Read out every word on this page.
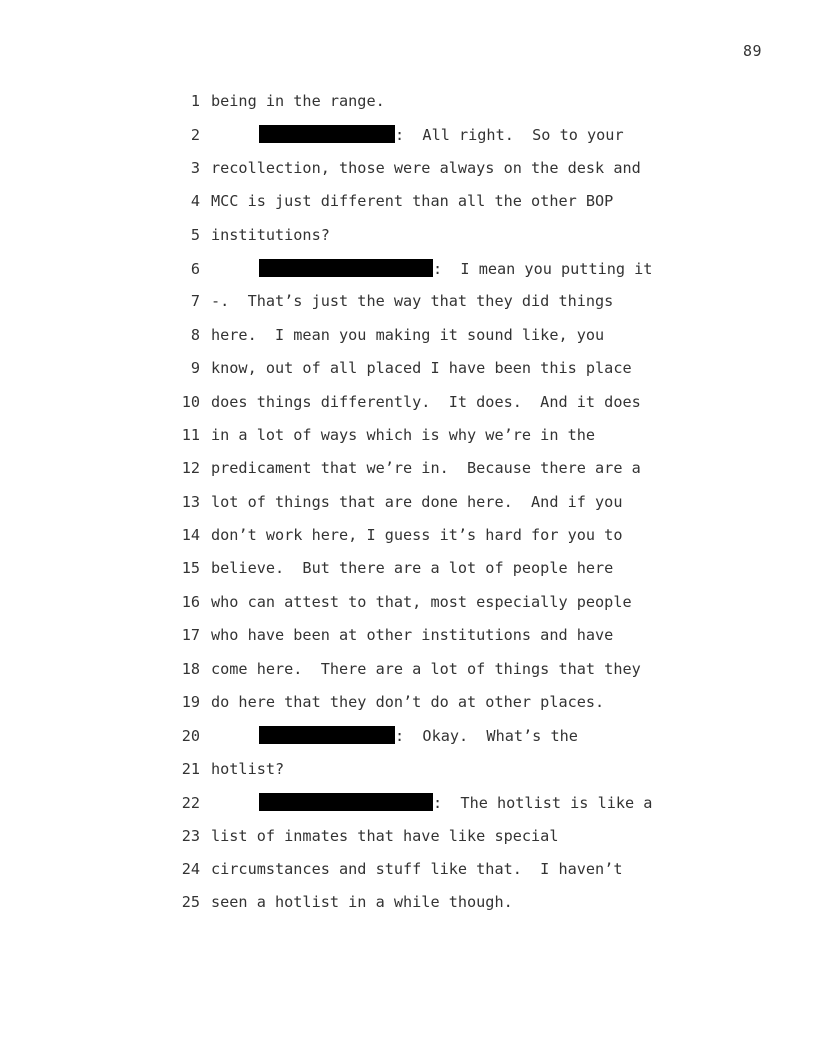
89
1 being in the range.
2	:  All right.  So to your
3 recollection, those were always on the desk and
4 MCC is just different than all the other BOP
5 institutions?
6	:  I mean you putting it
7 -.  That’s just the way that they did things
8 here.  I mean you making it sound like, you
9 know, out of all placed I have been this place
10 does things differently.  It does.  And it does
11 in a lot of ways which is why we’re in the
12 predicament that we’re in.  Because there are a
13 lot of things that are done here.  And if you
14 don’t work here, I guess it’s hard for you to
15 believe.  But there are a lot of people here
16 who can attest to that, most especially people
17 who have been at other institutions and have
18 come here.  There are a lot of things that they
19 do here that they don’t do at other places.
20	:  Okay.  What’s the
21 hotlist?
22	:  The hotlist is like a
23 list of inmates that have like special
24 circumstances and stuff like that.  I haven’t
25 seen a hotlist in a while though.
